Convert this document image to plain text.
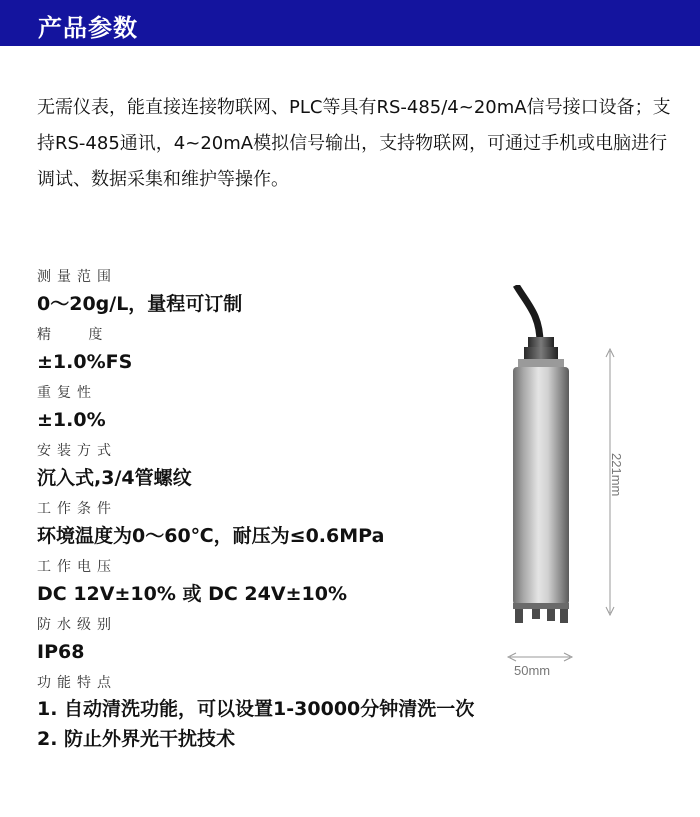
产品参数
无需仪表，能直接连接物联网、PLC等具有RS-485/4~20mA信号接口设备；支持RS-485通讯，4~20mA模拟信号输出，支持物联网，可通过手机或电脑进行调试、数据采集和维护等操作。
测量范围
0～20g/L，量程可订制
精   度
±1.0%FS
重复性
±1.0%
安装方式
沉入式,3/4管螺纹
工作条件
环境温度为0～60℃，耐压为≤0.6MPa
工作电压
DC 12V±10% 或 DC 24V±10%
防水级别
IP68
功能特点
1. 自动清洗功能，可以设置1-30000分钟清洗一次
2. 防止外界光干扰技术
221mm
50mm
